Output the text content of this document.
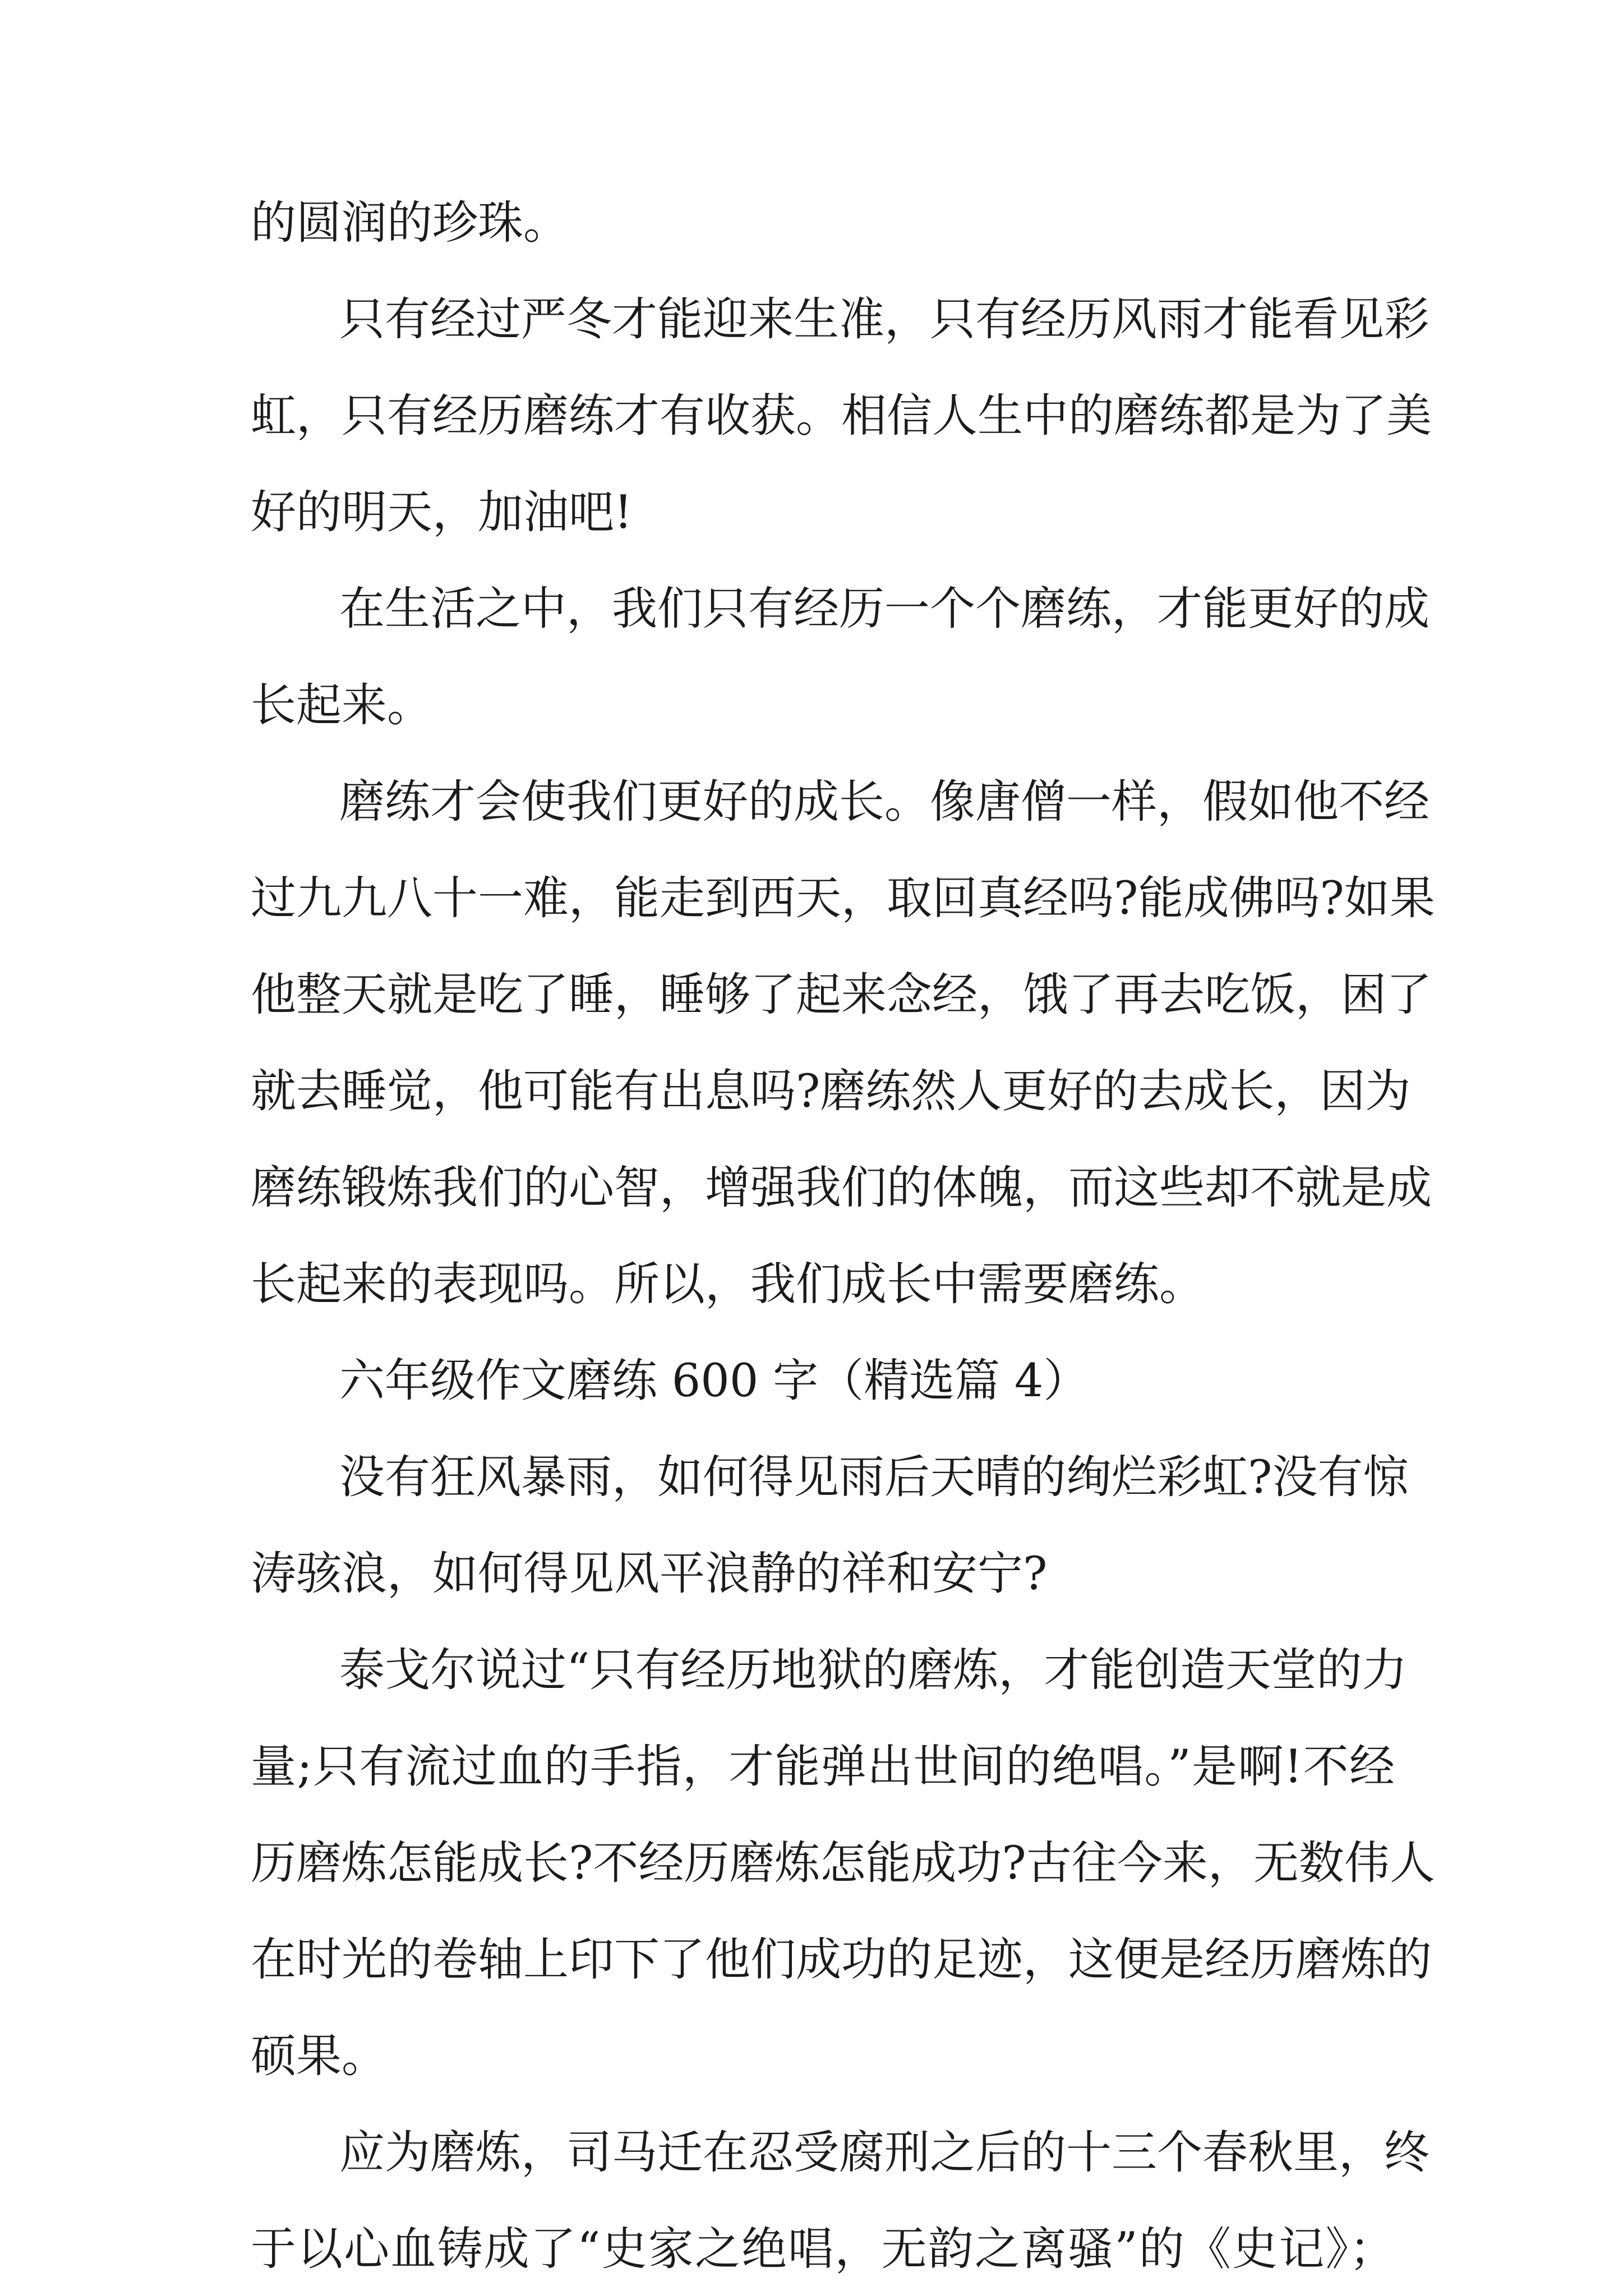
的圆润的珍珠。
只有经过严冬才能迎来生准，只有经历风雨才能看见彩
虹，只有经历磨练才有收获。相信人生中的磨练都是为了美
好的明天，加油吧!
在生活之中，我们只有经历一个个磨练，才能更好的成
长起来。
磨练才会使我们更好的成长。像唐僧一样，假如他不经
过九九八十一难，能走到西天，取回真经吗?能成佛吗?如果
他整天就是吃了睡，睡够了起来念经，饿了再去吃饭，困了
就去睡觉，他可能有出息吗?磨练然人更好的去成长，因为
磨练锻炼我们的心智，增强我们的体魄，而这些却不就是成
长起来的表现吗。所以，我们成长中需要磨练。
六年级作文磨练 600 字（精选篇 4）
没有狂风暴雨，如何得见雨后天晴的绚烂彩虹?没有惊
涛骇浪，如何得见风平浪静的祥和安宁?
泰戈尔说过“只有经历地狱的磨炼，才能创造天堂的力
量;只有流过血的手指，才能弹出世间的绝唱。”是啊!不经
历磨炼怎能成长?不经历磨炼怎能成功?古往今来，无数伟人
在时光的卷轴上印下了他们成功的足迹，这便是经历磨炼的
硕果。
应为磨炼，司马迁在忍受腐刑之后的十三个春秋里，终
于以心血铸成了“史家之绝唱，无韵之离骚”的《史记》；
